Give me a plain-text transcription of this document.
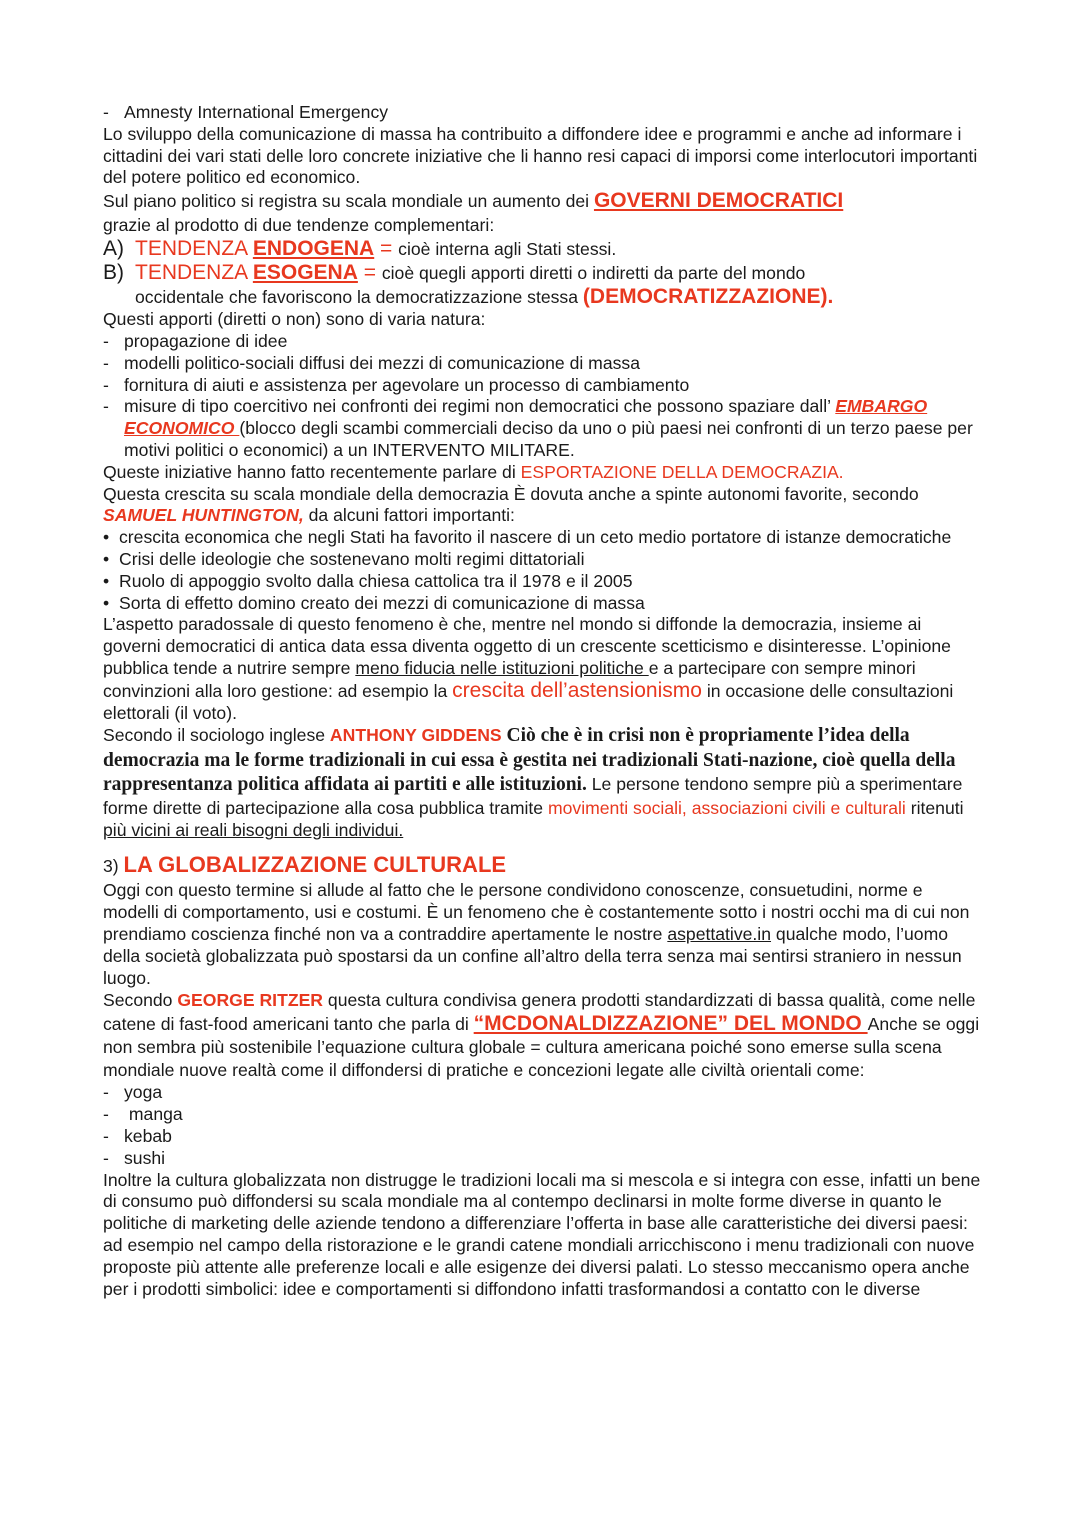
- Amnesty International Emergency

Lo sviluppo della comunicazione di massa ha contribuito a diffondere idee e programmi e anche ad informare i cittadini dei vari stati delle loro concrete iniziative che li hanno resi capaci di imporsi come interlocutori importanti del potere politico ed economico.

Sul piano politico si registra su scala mondiale un aumento dei GOVERNI DEMOCRATICI
grazie al prodotto di due tendenze complementari:

A) TENDENZA ENDOGENA = cioè interna agli Stati stessi.
B) TENDENZA ESOGENA = cioè quegli apporti diretti o indiretti da parte del mondo

occidentale che favoriscono la democratizzazione stessa (DEMOCRATIZZAZIONE).

Questi apporti (diretti o non) sono di varia natura:

- propagazione di idee
- modelli politico-sociali diffusi dei mezzi di comunicazione di massa
- fornitura di aiuti e assistenza per agevolare un processo di cambiamento
- misure di tipo coercitivo nei confronti dei regimi non democratici che possono spaziare dall’ EMBARGO ECONOMICO (blocco degli scambi commerciali deciso da uno o più paesi nei confronti di un terzo paese per motivi politici o economici) a un INTERVENTO MILITARE.

Queste iniziative hanno fatto recentemente parlare di ESPORTAZIONE DELLA DEMOCRAZIA.

Questa crescita su scala mondiale della democrazia È dovuta anche a spinte autonomi favorite, secondo SAMUEL HUNTINGTON, da alcuni fattori importanti:

• crescita economica che negli Stati ha favorito il nascere di un ceto medio portatore di istanze democratiche
• Crisi delle ideologie che sostenevano molti regimi dittatoriali
• Ruolo di appoggio svolto dalla chiesa cattolica tra il 1978 e il 2005
• Sorta di effetto domino creato dei mezzi di comunicazione di massa

L’aspetto paradossale di questo fenomeno è che, mentre nel mondo si diffonde la democrazia, insieme ai governi democratici di antica data essa diventa oggetto di un crescente scetticismo e disinteresse. L’opinione pubblica tende a nutrire sempre meno fiducia nelle istituzioni politiche e a partecipare con sempre minori convinzioni alla loro gestione: ad esempio la crescita dell’astensionismo in occasione delle consultazioni elettorali (il voto).

Secondo il sociologo inglese ANTHONY GIDDENS Ciò che è in crisi non è propriamente l’idea della democrazia ma le forme tradizionali in cui essa è gestita nei tradizionali Stati-nazione, cioè quella della rappresentanza politica affidata ai partiti e alle istituzioni. Le persone tendono sempre più a sperimentare forme dirette di partecipazione alla cosa pubblica tramite movimenti sociali, associazioni civili e culturali ritenuti più vicini ai reali bisogni degli individui.

3) LA GLOBALIZZAZIONE CULTURALE

Oggi con questo termine si allude al fatto che le persone condividono conoscenze, consuetudini, norme e modelli di comportamento, usi e costumi. È un fenomeno che è costantemente sotto i nostri occhi ma di cui non prendiamo coscienza finché non va a contraddire apertamente le nostre aspettative.in qualche modo, l’uomo della società globalizzata può spostarsi da un confine all’altro della terra senza mai sentirsi straniero in nessun luogo.

Secondo GEORGE RITZER questa cultura condivisa genera prodotti standardizzati di bassa qualità, come nelle catene di fast-food americani tanto che parla di “MCDONALDIZZAZIONE” DEL MONDO Anche se oggi non sembra più sostenibile l’equazione cultura globale = cultura americana poiché sono emerse sulla scena mondiale nuove realtà come il diffondersi di pratiche e concezioni legate alle civiltà orientali come:

- yoga
- manga
- kebab
- sushi

Inoltre la cultura globalizzata non distrugge le tradizioni locali ma si mescola e si integra con esse, infatti un bene di consumo può diffondersi su scala mondiale ma al contempo declinarsi in molte forme diverse in quanto le politiche di marketing delle aziende tendono a differenziare l’offerta in base alle caratteristiche dei diversi paesi: ad esempio nel campo della ristorazione e le grandi catene mondiali arricchiscono i menu tradizionali con nuove proposte più attente alle preferenze locali e alle esigenze dei diversi palati. Lo stesso meccanismo opera anche per i prodotti simbolici: idee e comportamenti si diffondono infatti trasformandosi a contatto con le diverse
